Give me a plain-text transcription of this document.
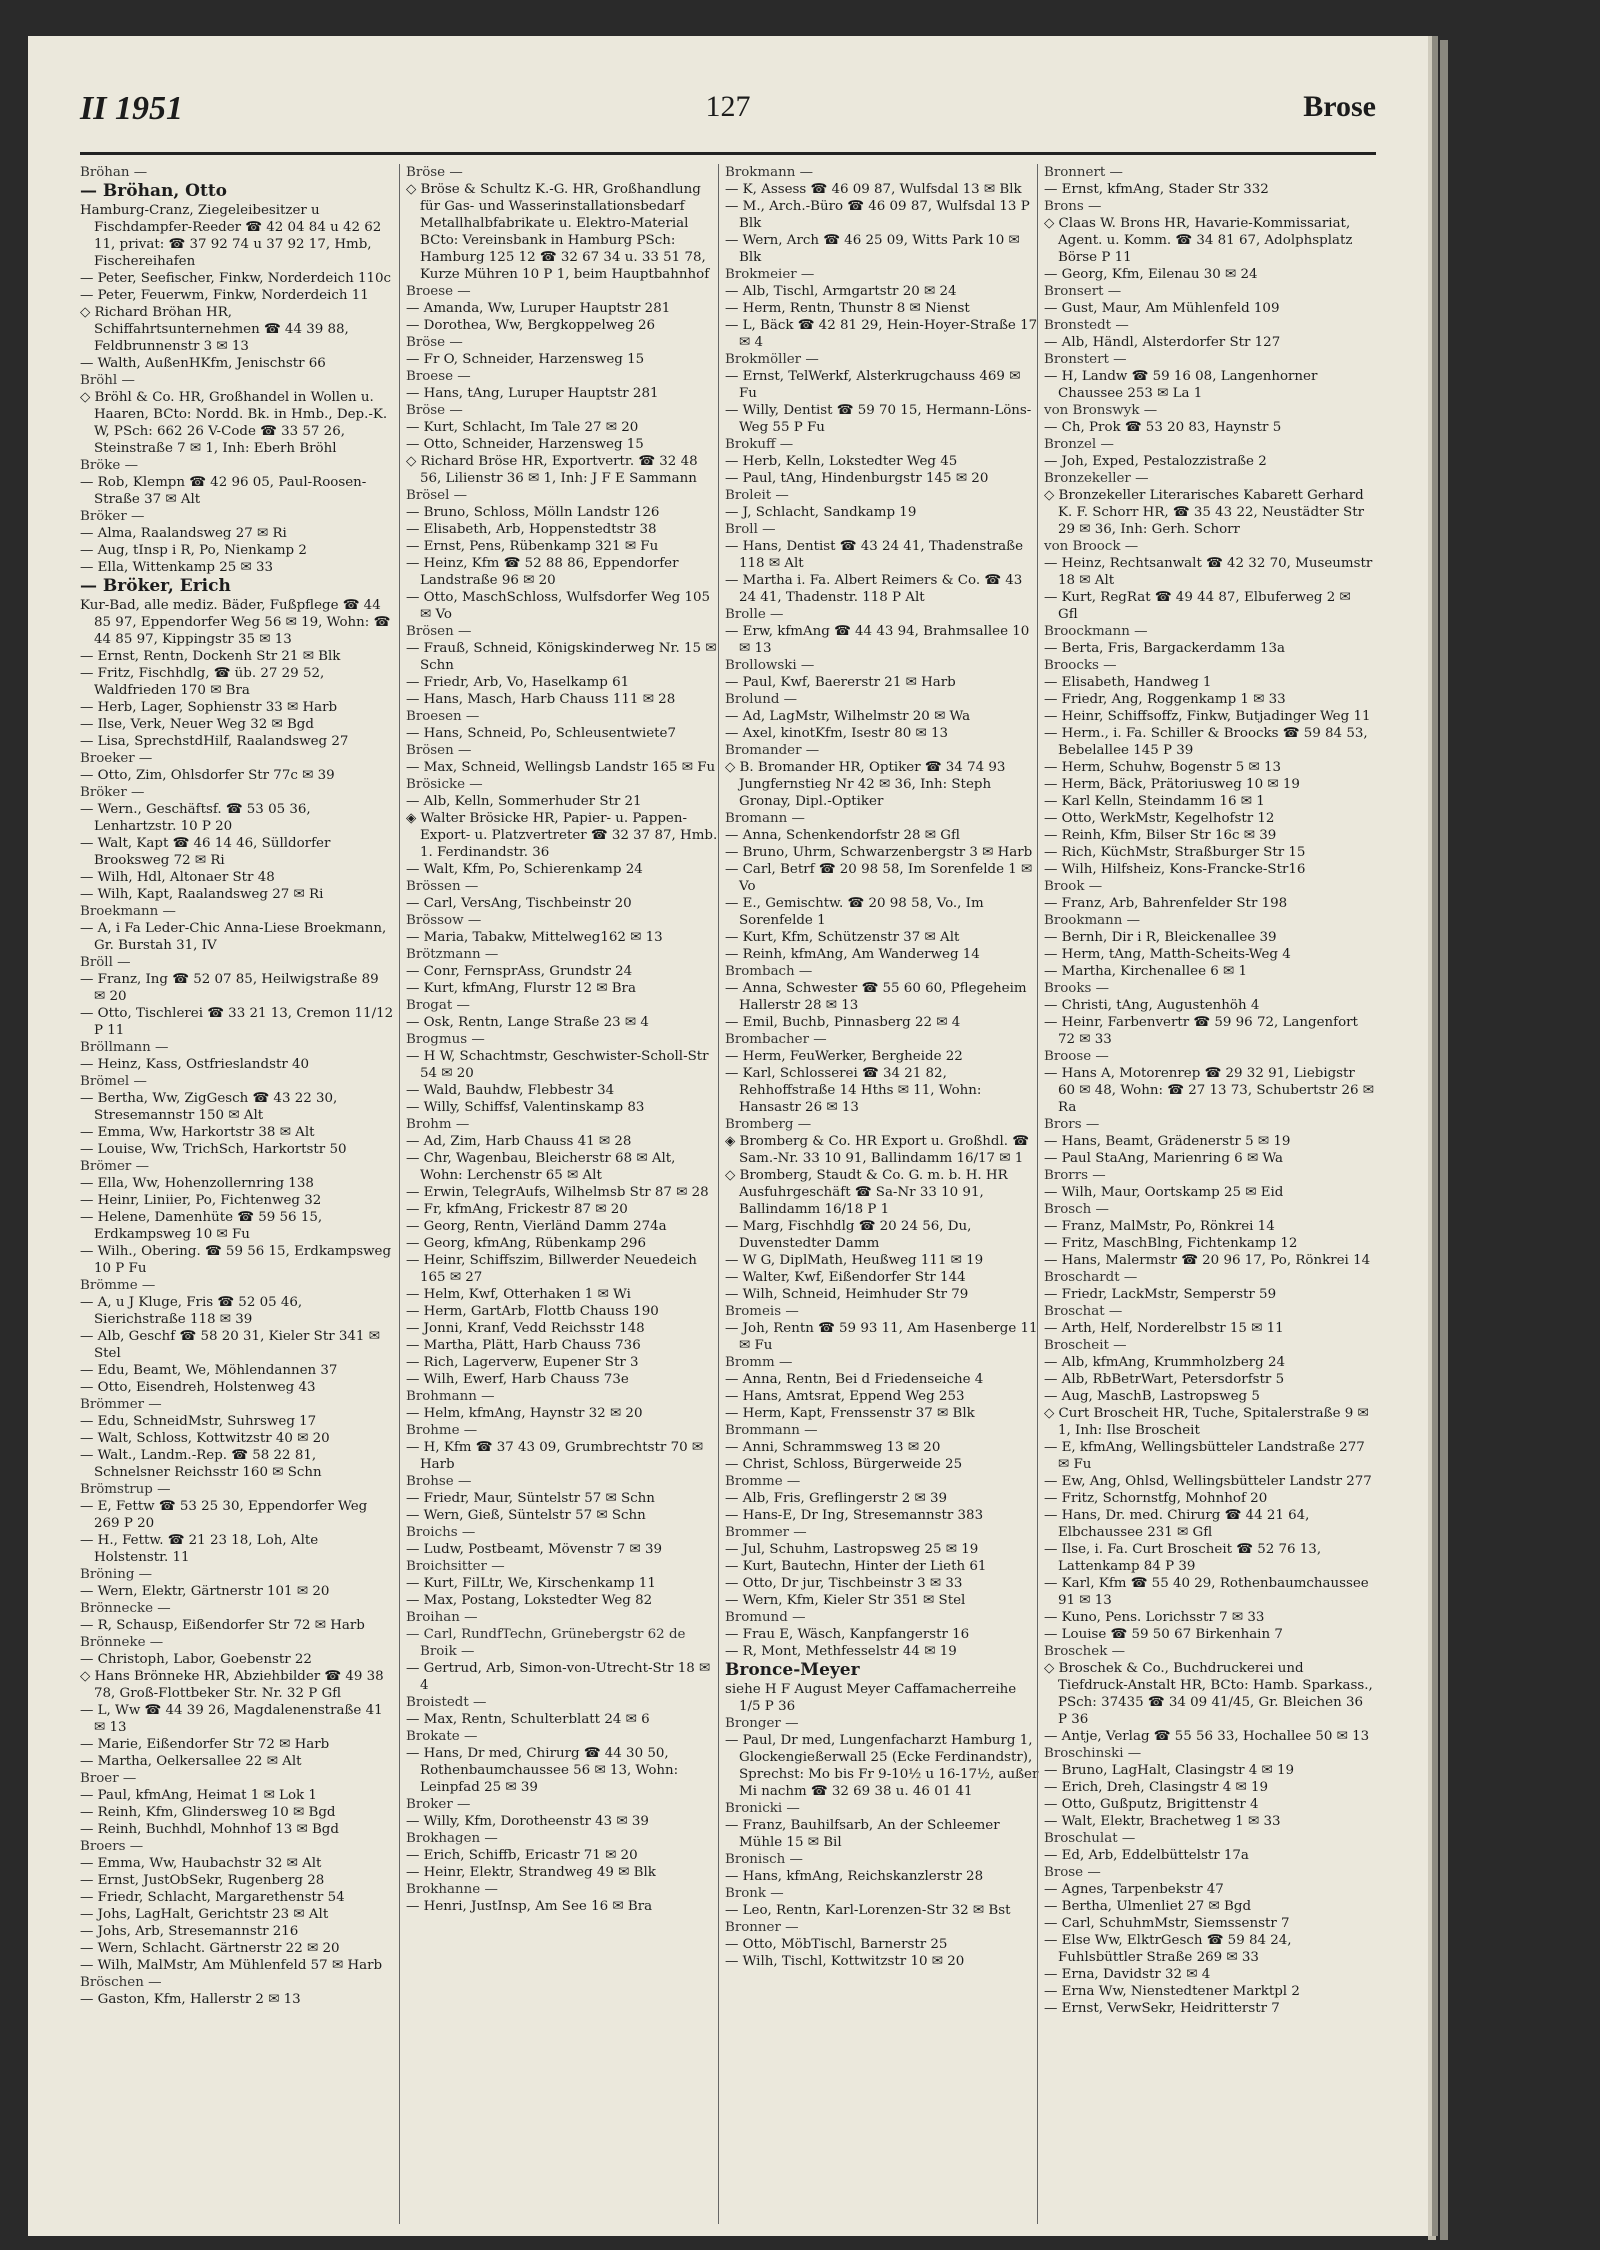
II 1951	127	Brose
Bröhan —
— Bröhan, Otto
Hamburg-Cranz, Ziegeleibesitzer u Fischdampfer-Reeder ☎ 42 04 84 u 42 62 11, privat: ☎ 37 92 74 u 37 92 17, Hmb, Fischereihafen
— Peter, Seefischer, Finkw, Norderdeich 110c
— Peter, Feuerwm, Finkw, Norderdeich 11
◇ Richard Bröhan HR, Schiffahrtsunternehmen ☎ 44 39 88, Feldbrunnenstr 3 ✉ 13
— Walth, AußenHKfm, Jenischstr 66
Bröhl —
◇ Bröhl & Co. HR, Großhandel in Wollen u. Haaren, BCto: Nordd. Bk. in Hmb., Dep.-K. W, PSch: 662 26 V-Code ☎ 33 57 26, Steinstraße 7 ✉ 1, Inh: Eberh Bröhl
Bröke —
— Rob, Klempn ☎ 42 96 05, Paul-Roosen-Straße 37 ✉ Alt
Bröker —
— Alma, Raalandsweg 27 ✉ Ri
— Aug, tInsp i R, Po, Nienkamp 2
— Ella, Wittenkamp 25 ✉ 33
— Bröker, Erich
Kur-Bad, alle mediz. Bäder, Fußpflege ☎ 44 85 97, Eppendorfer Weg 56 ✉ 19, Wohn: ☎ 44 85 97, Kippingstr 35 ✉ 13
— Ernst, Rentn, Dockenh Str 21 ✉ Blk
— Fritz, Fischhdlg, ☎ üb. 27 29 52, Waldfrieden 170 ✉ Bra
— Herb, Lager, Sophienstr 33 ✉ Harb
— Ilse, Verk, Neuer Weg 32 ✉ Bgd
— Lisa, SprechstdHilf, Raalandsweg 27
Broeker —
— Otto, Zim, Ohlsdorfer Str 77c ✉ 39
Bröker —
— Wern., Geschäftsf. ☎ 53 05 36, Lenhartzstr. 10 P 20
— Walt, Kapt ☎ 46 14 46, Sülldorfer Brooksweg 72 ✉ Ri
— Wilh, Hdl, Altonaer Str 48
— Wilh, Kapt, Raalandsweg 27 ✉ Ri
Broekmann —
— A, i Fa Leder-Chic Anna-Liese Broekmann, Gr. Burstah 31, IV
Bröll —
— Franz, Ing ☎ 52 07 85, Heilwigstraße 89 ✉ 20
— Otto, Tischlerei ☎ 33 21 13, Cremon 11/12 P 11
Bröllmann —
— Heinz, Kass, Ostfrieslandstr 40
Brömel —
— Bertha, Ww, ZigGesch ☎ 43 22 30, Stresemannstr 150 ✉ Alt
— Emma, Ww, Harkortstr 38 ✉ Alt
— Louise, Ww, TrichSch, Harkortstr 50
Brömer —
— Ella, Ww, Hohenzollernring 138
— Heinr, Liniier, Po, Fichtenweg 32
— Helene, Damenhüte ☎ 59 56 15, Erdkampsweg 10 ✉ Fu
— Wilh., Obering. ☎ 59 56 15, Erdkampsweg 10 P Fu
Brömme —
— A, u J Kluge, Fris ☎ 52 05 46, Sierichstraße 118 ✉ 39
— Alb, Geschf ☎ 58 20 31, Kieler Str 341 ✉ Stel
— Edu, Beamt, We, Möhlendannen 37
— Otto, Eisendreh, Holstenweg 43
Brömmer —
— Edu, SchneidMstr, Suhrsweg 17
— Walt, Schloss, Kottwitzstr 40 ✉ 20
— Walt., Landm.-Rep. ☎ 58 22 81, Schnelsner Reichsstr 160 ✉ Schn
Brömstrup —
— E, Fettw ☎ 53 25 30, Eppendorfer Weg 269 P 20
— H., Fettw. ☎ 21 23 18, Loh, Alte Holstenstr. 11
Bröning —
— Wern, Elektr, Gärtnerstr 101 ✉ 20
Brönnecke —
— R, Schausp, Eißendorfer Str 72 ✉ Harb
Brönneke —
— Christoph, Labor, Goebenstr 22
◇ Hans Brönneke HR, Abziehbilder ☎ 49 38 78, Groß-Flottbeker Str. Nr. 32 P Gfl
— L, Ww ☎ 44 39 26, Magdalenenstraße 41 ✉ 13
— Marie, Eißendorfer Str 72 ✉ Harb
— Martha, Oelkersallee 22 ✉ Alt
Broer —
— Paul, kfmAng, Heimat 1 ✉ Lok 1
— Reinh, Kfm, Glindersweg 10 ✉ Bgd
— Reinh, Buchhdl, Mohnhof 13 ✉ Bgd
Broers —
— Emma, Ww, Haubachstr 32 ✉ Alt
— Ernst, JustObSekr, Rugenberg 28
— Friedr, Schlacht, Margarethenstr 54
— Johs, LagHalt, Gerichtstr 23 ✉ Alt
— Johs, Arb, Stresemannstr 216
— Wern, Schlacht. Gärtnerstr 22 ✉ 20
— Wilh, MalMstr, Am Mühlenfeld 57 ✉ Harb
Bröschen —
— Gaston, Kfm, Hallerstr 2 ✉ 13
Bröse —
◇ Bröse & Schultz K.-G. HR, Großhandlung für Gas- und Wasserinstallationsbedarf Metallhalbfabrikate u. Elektro-Material BCto: Vereinsbank in Hamburg PSch: Hamburg 125 12 ☎ 32 67 34 u. 33 51 78, Kurze Mühren 10 P 1, beim Hauptbahnhof
Broese —
— Amanda, Ww, Luruper Hauptstr 281
— Dorothea, Ww, Bergkoppelweg 26
Bröse —
— Fr O, Schneider, Harzensweg 15
Broese —
— Hans, tAng, Luruper Hauptstr 281
Bröse —
— Kurt, Schlacht, Im Tale 27 ✉ 20
— Otto, Schneider, Harzensweg 15
◇ Richard Bröse HR, Exportvertr. ☎ 32 48 56, Lilienstr 36 ✉ 1, Inh: J F E Sammann
Brösel —
— Bruno, Schloss, Mölln Landstr 126
— Elisabeth, Arb, Hoppenstedtstr 38
— Ernst, Pens, Rübenkamp 321 ✉ Fu
— Heinz, Kfm ☎ 52 88 86, Eppendorfer Landstraße 96 ✉ 20
— Otto, MaschSchloss, Wulfsdorfer Weg 105 ✉ Vo
Brösen —
— Frauß, Schneid, Königskinderweg Nr. 15 ✉ Schn
— Friedr, Arb, Vo, Haselkamp 61
— Hans, Masch, Harb Chauss 111 ✉ 28
Broesen —
— Hans, Schneid, Po, Schleusentwiete7
Brösen —
— Max, Schneid, Wellingsb Landstr 165 ✉ Fu
Brösicke —
— Alb, Kelln, Sommerhuder Str 21
◈ Walter Brösicke HR, Papier- u. Pappen- Export- u. Platzvertreter ☎ 32 37 87, Hmb. 1. Ferdinandstr. 36
— Walt, Kfm, Po, Schierenkamp 24
Brössen —
— Carl, VersAng, Tischbeinstr 20
Brössow —
— Maria, Tabakw, Mittelweg162 ✉ 13
Brötzmann —
— Conr, FernsprAss, Grundstr 24
— Kurt, kfmAng, Flurstr 12 ✉ Bra
Brogat —
— Osk, Rentn, Lange Straße 23 ✉ 4
Brogmus —
— H W, Schachtmstr, Geschwister-Scholl-Str 54 ✉ 20
— Wald, Bauhdw, Flebbestr 34
— Willy, Schiffsf, Valentinskamp 83
Brohm —
— Ad, Zim, Harb Chauss 41 ✉ 28
— Chr, Wagenbau, Bleicherstr 68 ✉ Alt, Wohn: Lerchenstr 65 ✉ Alt
— Erwin, TelegrAufs, Wilhelmsb Str 87 ✉ 28
— Fr, kfmAng, Frickestr 87 ✉ 20
— Georg, Rentn, Vierländ Damm 274a
— Georg, kfmAng, Rübenkamp 296
— Heinr, Schiffszim, Billwerder Neuedeich 165 ✉ 27
— Helm, Kwf, Otterhaken 1 ✉ Wi
— Herm, GartArb, Flottb Chauss 190
— Jonni, Kranf, Vedd Reichsstr 148
— Martha, Plätt, Harb Chauss 736
— Rich, Lagerverw, Eupener Str 3
— Wilh, Ewerf, Harb Chauss 73e
Brohmann —
— Helm, kfmAng, Haynstr 32 ✉ 20
Brohme —
— H, Kfm ☎ 37 43 09, Grumbrechtstr 70 ✉ Harb
Brohse —
— Friedr, Maur, Süntelstr 57 ✉ Schn
— Wern, Gieß, Süntelstr 57 ✉ Schn
Broichs —
— Ludw, Postbeamt, Mövenstr 7 ✉ 39
Broichsitter —
— Kurt, FilLtr, We, Kirschenkamp 11
— Max, Postang, Lokstedter Weg 82
Broihan —
— Carl, RundfTechn, Grünebergstr 62 de Broik —
— Gertrud, Arb, Simon-von-Utrecht-Str 18 ✉ 4
Broistedt —
— Max, Rentn, Schulterblatt 24 ✉ 6
Brokate —
— Hans, Dr med, Chirurg ☎ 44 30 50, Rothenbaumchaussee 56 ✉ 13, Wohn: Leinpfad 25 ✉ 39
Broker —
— Willy, Kfm, Dorotheenstr 43 ✉ 39
Brokhagen —
— Erich, Schiffb, Ericastr 71 ✉ 20
— Heinr, Elektr, Strandweg 49 ✉ Blk
Brokhanne —
— Henri, JustInsp, Am See 16 ✉ Bra
Brokmann —
— K, Assess ☎ 46 09 87, Wulfsdal 13 ✉ Blk
— M., Arch.-Büro ☎ 46 09 87, Wulfsdal 13 P Blk
— Wern, Arch ☎ 46 25 09, Witts Park 10 ✉ Blk
Brokmeier —
— Alb, Tischl, Armgartstr 20 ✉ 24
— Herm, Rentn, Thunstr 8 ✉ Nienst
— L, Bäck ☎ 42 81 29, Hein-Hoyer-Straße 17 ✉ 4
Brokmöller —
— Ernst, TelWerkf, Alsterkrugchauss 469 ✉ Fu
— Willy, Dentist ☎ 59 70 15, Hermann-Löns-Weg 55 P Fu
Brokuff —
— Herb, Kelln, Lokstedter Weg 45
— Paul, tAng, Hindenburgstr 145 ✉ 20
Broleit —
— J, Schlacht, Sandkamp 19
Broll —
— Hans, Dentist ☎ 43 24 41, Thadenstraße 118 ✉ Alt
— Martha i. Fa. Albert Reimers & Co. ☎ 43 24 41, Thadenstr. 118 P Alt
Brolle —
— Erw, kfmAng ☎ 44 43 94, Brahmsallee 10 ✉ 13
Brollowski —
— Paul, Kwf, Baererstr 21 ✉ Harb
Brolund —
— Ad, LagMstr, Wilhelmstr 20 ✉ Wa
— Axel, kinotKfm, Isestr 80 ✉ 13
Bromander —
◇ B. Bromander HR, Optiker ☎ 34 74 93 Jungfernstieg Nr 42 ✉ 36, Inh: Steph Gronay, Dipl.-Optiker
Bromann —
— Anna, Schenkendorfstr 28 ✉ Gfl
— Bruno, Uhrm, Schwarzenbergstr 3 ✉ Harb
— Carl, Betrf ☎ 20 98 58, Im Sorenfelde 1 ✉ Vo
— E., Gemischtw. ☎ 20 98 58, Vo., Im Sorenfelde 1
— Kurt, Kfm, Schützenstr 37 ✉ Alt
— Reinh, kfmAng, Am Wanderweg 14
Brombach —
— Anna, Schwester ☎ 55 60 60, Pflegeheim Hallerstr 28 ✉ 13
— Emil, Buchb, Pinnasberg 22 ✉ 4
Brombacher —
— Herm, FeuWerker, Bergheide 22
— Karl, Schlosserei ☎ 34 21 82, Rehhoffstraße 14 Hths ✉ 11, Wohn: Hansastr 26 ✉ 13
Bromberg —
◈ Bromberg & Co. HR Export u. Großhdl. ☎ Sam.-Nr. 33 10 91, Ballindamm 16/17 ✉ 1
◇ Bromberg, Staudt & Co. G. m. b. H. HR Ausfuhrgeschäft ☎ Sa-Nr 33 10 91, Ballindamm 16/18 P 1
— Marg, Fischhdlg ☎ 20 24 56, Du, Duvenstedter Damm
— W G, DiplMath, Heußweg 111 ✉ 19
— Walter, Kwf, Eißendorfer Str 144
— Wilh, Schneid, Heimhuder Str 79
Bromeis —
— Joh, Rentn ☎ 59 93 11, Am Hasenberge 11 ✉ Fu
Bromm —
— Anna, Rentn, Bei d Friedenseiche 4
— Hans, Amtsrat, Eppend Weg 253
— Herm, Kapt, Frenssenstr 37 ✉ Blk
Brommann —
— Anni, Schrammsweg 13 ✉ 20
— Christ, Schloss, Bürgerweide 25
Bromme —
— Alb, Fris, Greflingerstr 2 ✉ 39
— Hans-E, Dr Ing, Stresemannstr 383
Brommer —
— Jul, Schuhm, Lastropsweg 25 ✉ 19
— Kurt, Bautechn, Hinter der Lieth 61
— Otto, Dr jur, Tischbeinstr 3 ✉ 33
— Wern, Kfm, Kieler Str 351 ✉ Stel
Bromund —
— Frau E, Wäsch, Kanpfangerstr 16
— R, Mont, Methfesselstr 44 ✉ 19
Bronce-Meyer
siehe H F August Meyer Caffamacherreihe 1/5 P 36
Bronger —
— Paul, Dr med, Lungenfacharzt Hamburg 1, Glockengießerwall 25 (Ecke Ferdinandstr), Sprechst: Mo bis Fr 9-10½ u 16-17½, außer Mi nachm ☎ 32 69 38 u. 46 01 41
Bronicki —
— Franz, Bauhilfsarb, An der Schleemer Mühle 15 ✉ Bil
Bronisch —
— Hans, kfmAng, Reichskanzlerstr 28
Bronk —
— Leo, Rentn, Karl-Lorenzen-Str 32 ✉ Bst
Bronner —
— Otto, MöbTischl, Barnerstr 25
— Wilh, Tischl, Kottwitzstr 10 ✉ 20
Bronnert —
— Ernst, kfmAng, Stader Str 332
Brons —
◇ Claas W. Brons HR, Havarie-Kommissariat, Agent. u. Komm. ☎ 34 81 67, Adolphsplatz Börse P 11
— Georg, Kfm, Eilenau 30 ✉ 24
Bronsert —
— Gust, Maur, Am Mühlenfeld 109
Bronstedt —
— Alb, Händl, Alsterdorfer Str 127
Bronstert —
— H, Landw ☎ 59 16 08, Langenhorner Chaussee 253 ✉ La 1
von Bronswyk —
— Ch, Prok ☎ 53 20 83, Haynstr 5
Bronzel —
— Joh, Exped, Pestalozzistraße 2
Bronzekeller —
◇ Bronzekeller Literarisches Kabarett Gerhard K. F. Schorr HR, ☎ 35 43 22, Neustädter Str 29 ✉ 36, Inh: Gerh. Schorr
von Broock —
— Heinz, Rechtsanwalt ☎ 42 32 70, Museumstr 18 ✉ Alt
— Kurt, RegRat ☎ 49 44 87, Elbuferweg 2 ✉ Gfl
Broockmann —
— Berta, Fris, Bargackerdamm 13a
Broocks —
— Elisabeth, Handweg 1
— Friedr, Ang, Roggenkamp 1 ✉ 33
— Heinr, Schiffsoffz, Finkw, Butjadinger Weg 11
— Herm., i. Fa. Schiller & Broocks ☎ 59 84 53, Bebelallee 145 P 39
— Herm, Schuhw, Bogenstr 5 ✉ 13
— Herm, Bäck, Prätoriusweg 10 ✉ 19
— Karl Kelln, Steindamm 16 ✉ 1
— Otto, WerkMstr, Kegelhofstr 12
— Reinh, Kfm, Bilser Str 16c ✉ 39
— Rich, KüchMstr, Straßburger Str 15
— Wilh, Hilfsheiz, Kons-Francke-Str16
Brook —
— Franz, Arb, Bahrenfelder Str 198
Brookmann —
— Bernh, Dir i R, Bleickenallee 39
— Herm, tAng, Matth-Scheits-Weg 4
— Martha, Kirchenallee 6 ✉ 1
Brooks —
— Christi, tAng, Augustenhöh 4
— Heinr, Farbenvertr ☎ 59 96 72, Langenfort 72 ✉ 33
Broose —
— Hans A, Motorenrep ☎ 29 32 91, Liebigstr 60 ✉ 48, Wohn: ☎ 27 13 73, Schubertstr 26 ✉ Ra
Brors —
— Hans, Beamt, Grädenerstr 5 ✉ 19
— Paul StaAng, Marienring 6 ✉ Wa
Brorrs —
— Wilh, Maur, Oortskamp 25 ✉ Eid
Brosch —
— Franz, MalMstr, Po, Rönkrei 14
— Fritz, MaschBlng, Fichtenkamp 12
— Hans, Malermstr ☎ 20 96 17, Po, Rönkrei 14
Broschardt —
— Friedr, LackMstr, Semperstr 59
Broschat —
— Arth, Helf, Norderelbstr 15 ✉ 11
Broscheit —
— Alb, kfmAng, Krummholzberg 24
— Alb, RbBetrWart, Petersdorfstr 5
— Aug, MaschB, Lastropsweg 5
◇ Curt Broscheit HR, Tuche, Spitalerstraße 9 ✉ 1, Inh: Ilse Broscheit
— E, kfmAng, Wellingsbütteler Landstraße 277 ✉ Fu
— Ew, Ang, Ohlsd, Wellingsbütteler Landstr 277
— Fritz, Schornstfg, Mohnhof 20
— Hans, Dr. med. Chirurg ☎ 44 21 64, Elbchaussee 231 ✉ Gfl
— Ilse, i. Fa. Curt Broscheit ☎ 52 76 13, Lattenkamp 84 P 39
— Karl, Kfm ☎ 55 40 29, Rothenbaumchaussee 91 ✉ 13
— Kuno, Pens. Lorichsstr 7 ✉ 33
— Louise ☎ 59 50 67 Birkenhain 7
Broschek —
◇ Broschek & Co., Buchdruckerei und Tiefdruck-Anstalt HR, BCto: Hamb. Sparkass., PSch: 37435 ☎ 34 09 41/45, Gr. Bleichen 36 P 36
— Antje, Verlag ☎ 55 56 33, Hochallee 50 ✉ 13
Broschinski —
— Bruno, LagHalt, Clasingstr 4 ✉ 19
— Erich, Dreh, Clasingstr 4 ✉ 19
— Otto, Gußputz, Brigittenstr 4
— Walt, Elektr, Brachetweg 1 ✉ 33
Broschulat —
— Ed, Arb, Eddelbüttelstr 17a
Brose —
— Agnes, Tarpenbekstr 47
— Bertha, Ulmenliet 27 ✉ Bgd
— Carl, SchuhmMstr, Siemssenstr 7
— Else Ww, ElktrGesch ☎ 59 84 24, Fuhlsbüttler Straße 269 ✉ 33
— Erna, Davidstr 32 ✉ 4
— Erna Ww, Nienstedtener Marktpl 2
— Ernst, VerwSekr, Heidritterstr 7
